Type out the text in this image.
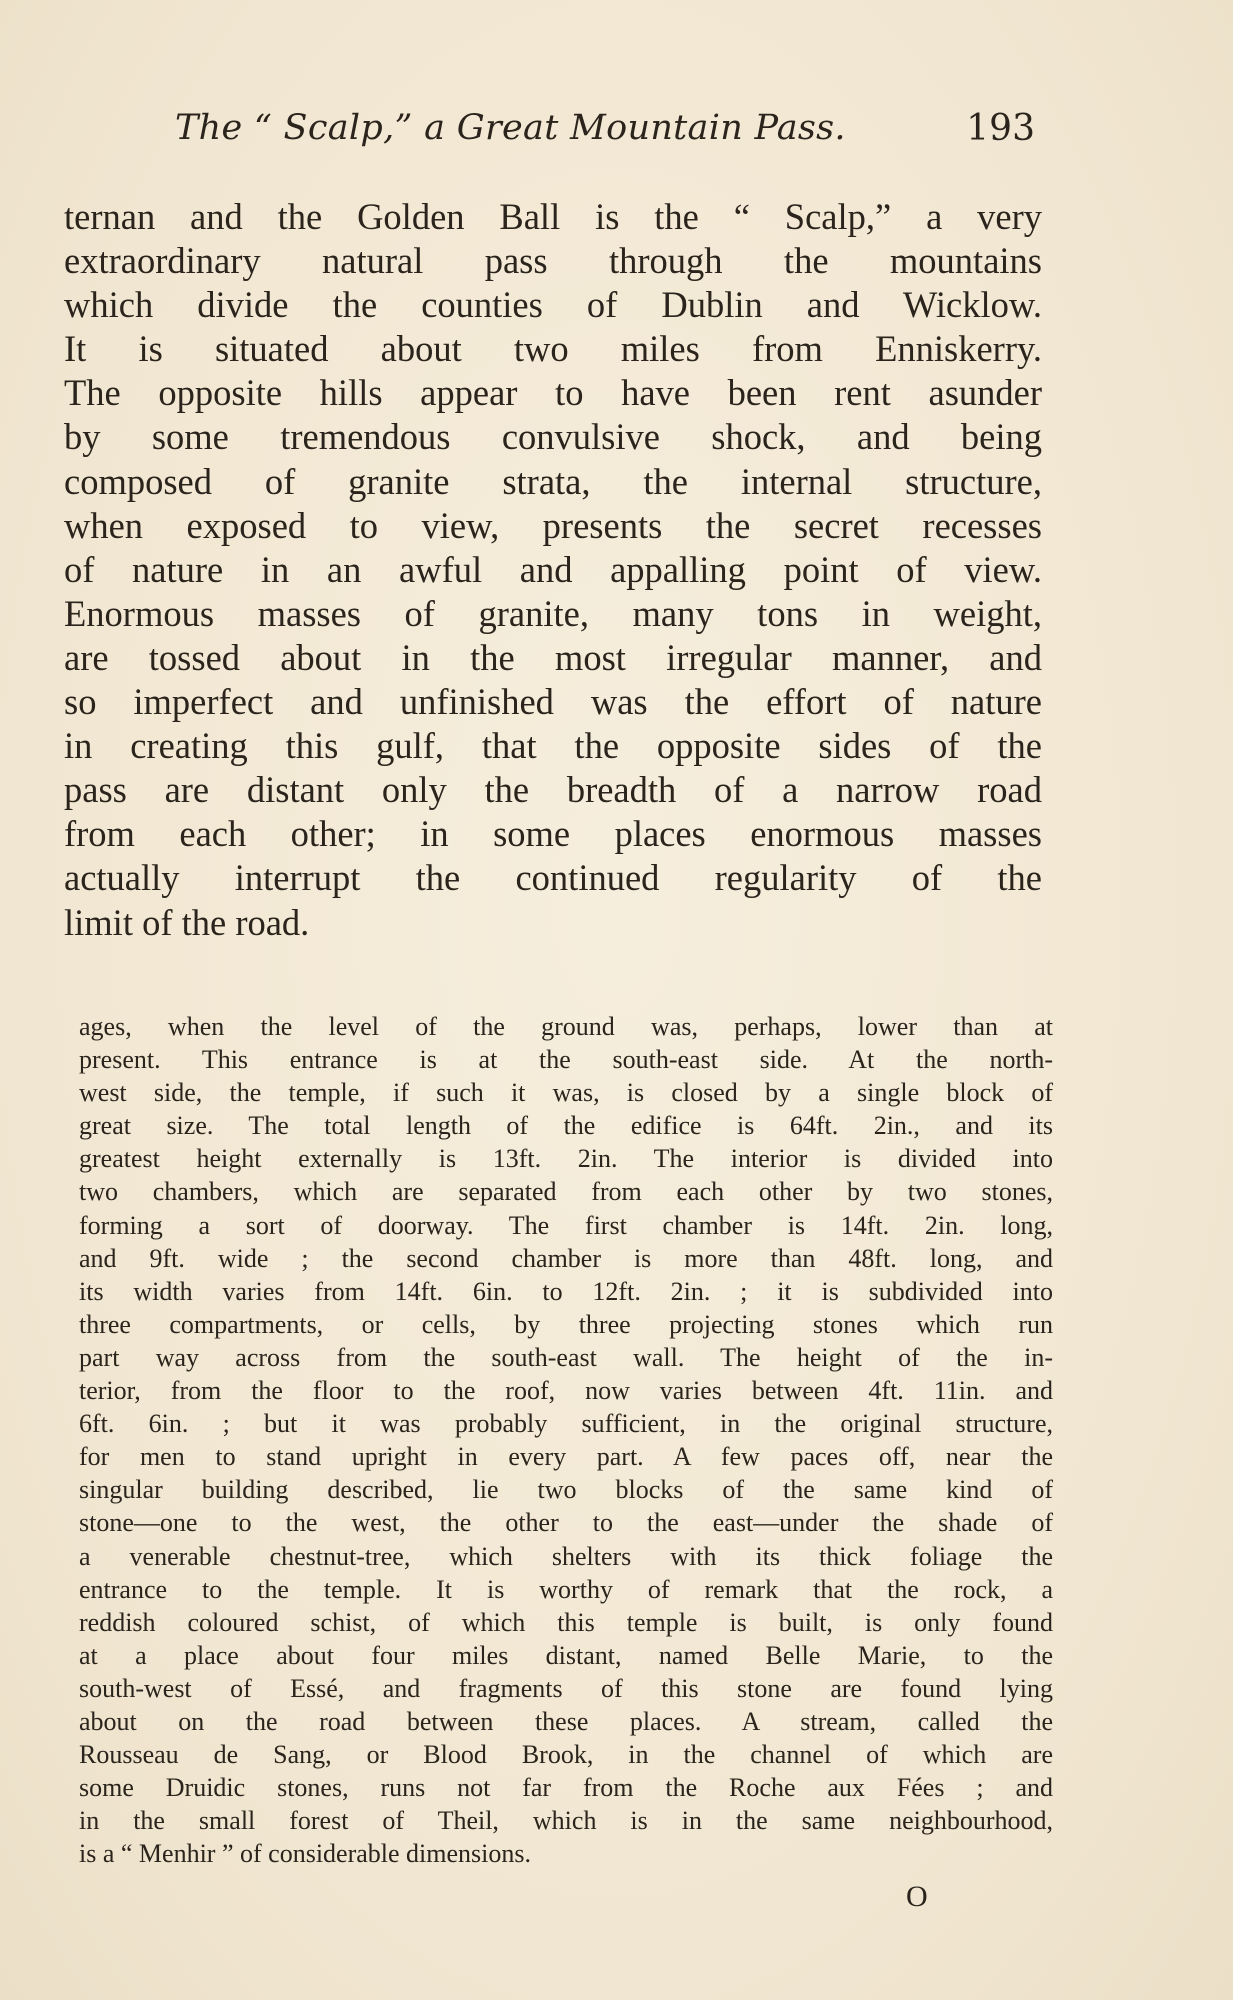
The “ Scalp,” a Great Mountain Pass.	193
ternan and the Golden Ball is the “ Scalp,” a very
extraordinary natural pass through the mountains
which divide the counties of Dublin and Wicklow.
It is situated about two miles from Enniskerry.
The opposite hills appear to have been rent asunder
by some tremendous convulsive shock, and being
composed of granite strata, the internal structure,
when exposed to view, presents the secret recesses
of nature in an awful and appalling point of view.
Enormous masses of granite, many tons in weight,
are tossed about in the most irregular manner, and
so imperfect and unfinished was the effort of nature
in creating this gulf, that the opposite sides of the
pass are distant only the breadth of a narrow road
from each other; in some places enormous masses
actually interrupt the continued regularity of the
limit of the road.
ages, when the level of the ground was, perhaps, lower than at
present. This entrance is at the south-east side. At the north-
west side, the temple, if such it was, is closed by a single block of
great size. The total length of the edifice is 64ft. 2in., and its
greatest height externally is 13ft. 2in. The interior is divided into
two chambers, which are separated from each other by two stones,
forming a sort of doorway. The first chamber is 14ft. 2in. long,
and 9ft. wide ; the second chamber is more than 48ft. long, and
its width varies from 14ft. 6in. to 12ft. 2in. ; it is subdivided into
three compartments, or cells, by three projecting stones which run
part way across from the south-east wall. The height of the in-
terior, from the floor to the roof, now varies between 4ft. 11in. and
6ft. 6in. ; but it was probably sufficient, in the original structure,
for men to stand upright in every part. A few paces off, near the
singular building described, lie two blocks of the same kind of
stone—one to the west, the other to the east—under the shade of
a venerable chestnut-tree, which shelters with its thick foliage the
entrance to the temple. It is worthy of remark that the rock, a
reddish coloured schist, of which this temple is built, is only found
at a place about four miles distant, named Belle Marie, to the
south-west of Essé, and fragments of this stone are found lying
about on the road between these places. A stream, called the
Rousseau de Sang, or Blood Brook, in the channel of which are
some Druidic stones, runs not far from the Roche aux Fées ; and
in the small forest of Theil, which is in the same neighbourhood,
is a “ Menhir ” of considerable dimensions.
O
